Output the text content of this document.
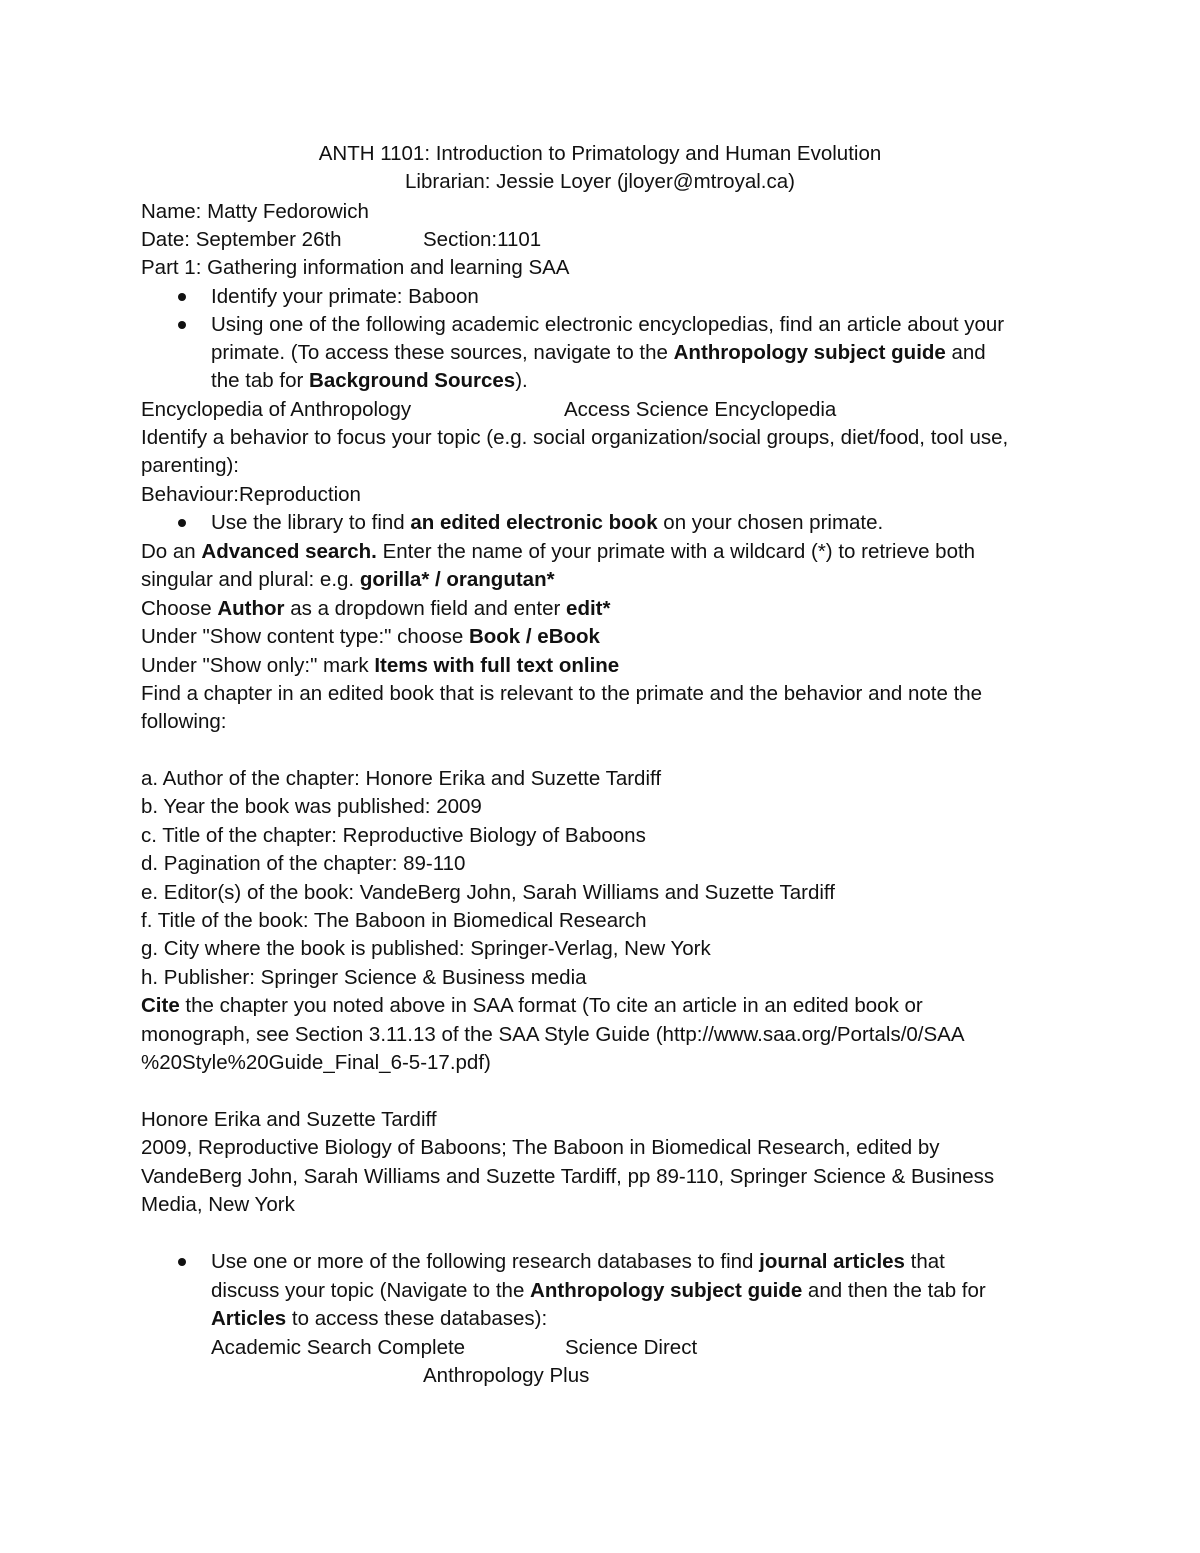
ANTH 1101: Introduction to Primatology and Human Evolution
Librarian: Jessie Loyer (jloyer@mtroyal.ca)
Name: Matty Fedorowich
Date: September 26th	Section:1101
Part 1: Gathering information and learning SAA
Identify your primate: Baboon
Using one of the following academic electronic encyclopedias, find an article about your
primate. (To access these sources, navigate to the Anthropology subject guide and
the tab for Background Sources).
Encyclopedia of Anthropology	Access Science Encyclopedia
Identify a behavior to focus your topic (e.g. social organization/social groups, diet/food, tool use,
parenting):
Behaviour:Reproduction
Use the library to find an edited electronic book on your chosen primate.
Do an Advanced search. Enter the name of your primate with a wildcard (*) to retrieve both
singular and plural: e.g. gorilla* / orangutan*
Choose Author as a dropdown field and enter edit*
Under "Show content type:" choose Book / eBook
Under "Show only:" mark Items with full text online
Find a chapter in an edited book that is relevant to the primate and the behavior and note the
following:
a. Author of the chapter: Honore Erika and Suzette Tardiff
b. Year the book was published: 2009
c. Title of the chapter: Reproductive Biology of Baboons
d. Pagination of the chapter: 89-110
e. Editor(s) of the book: VandeBerg John, Sarah Williams and Suzette Tardiff
f. Title of the book: The Baboon in Biomedical Research
g. City where the book is published: Springer-Verlag, New York
h. Publisher: Springer Science & Business media
Cite the chapter you noted above in SAA format (To cite an article in an edited book or
monograph, see Section 3.11.13 of the SAA Style Guide (http://www.saa.org/Portals/0/SAA
%20Style%20Guide_Final_6-5-17.pdf)
Honore Erika and Suzette Tardiff
2009, Reproductive Biology of Baboons; The Baboon in Biomedical Research, edited by
VandeBerg John, Sarah Williams and Suzette Tardiff, pp 89-110, Springer Science & Business
Media, New York
Use one or more of the following research databases to find journal articles that
discuss your topic (Navigate to the Anthropology subject guide and then the tab for
Articles to access these databases):
Academic Search Complete	Science Direct
Anthropology Plus
